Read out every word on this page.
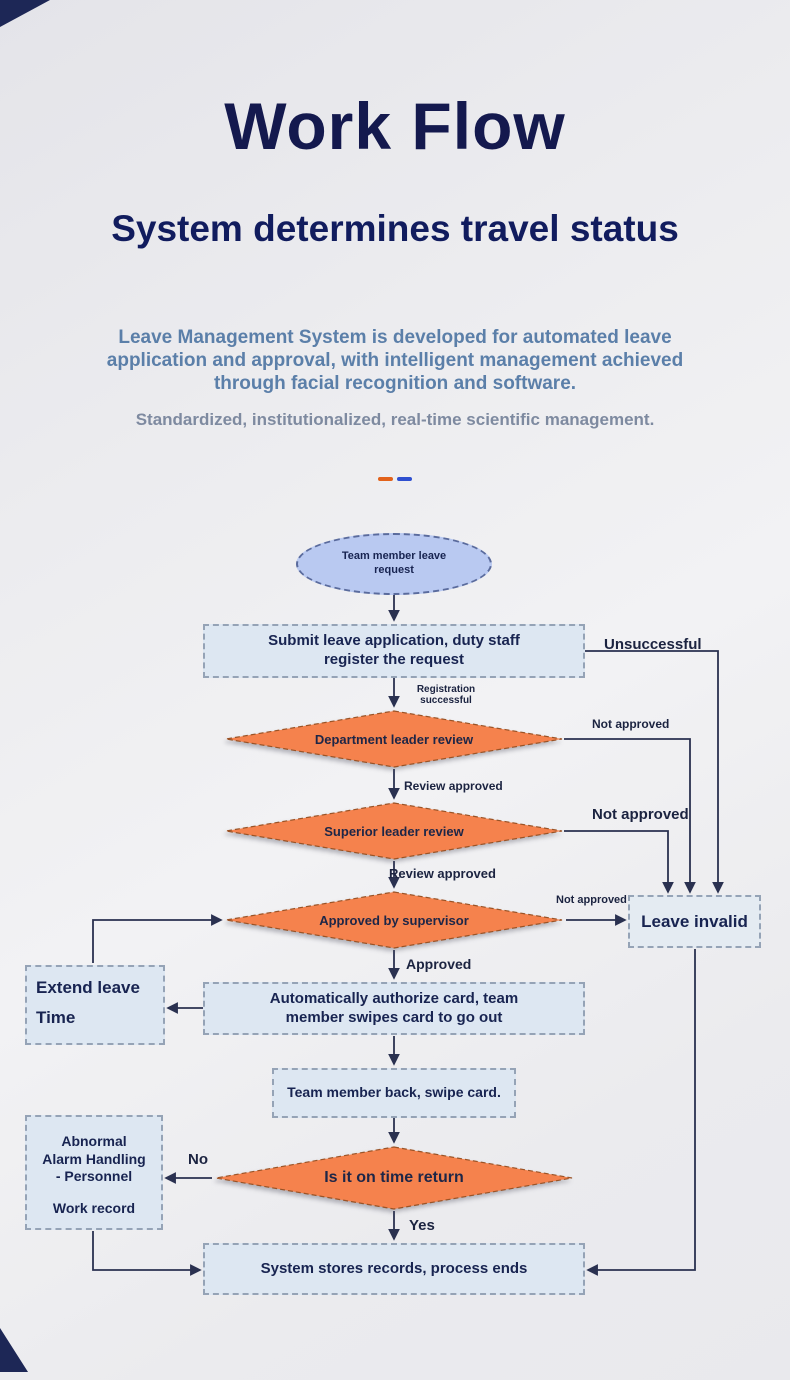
Work Flow
System determines travel status
Leave Management System is developed for automated leave
application and approval, with intelligent management achieved
through facial recognition and software.
Standardized, institutionalized, real-time scientific management.
Team member leave request
Submit leave application, duty staff register the request
Department leader review
Superior leader review
Approved by supervisor	Leave invalid
Automatically authorize card, team member swipes card to go out
Extend leave
Time
Team member back, swipe card.
Is it on time return
Abnormal
Alarm Handling
- Personnel
Work record
System stores records, process ends
Unsuccessful
Registration successful
Not approved
Review approved
Not approved
Review approved
Not approved
Approved
No
Yes
